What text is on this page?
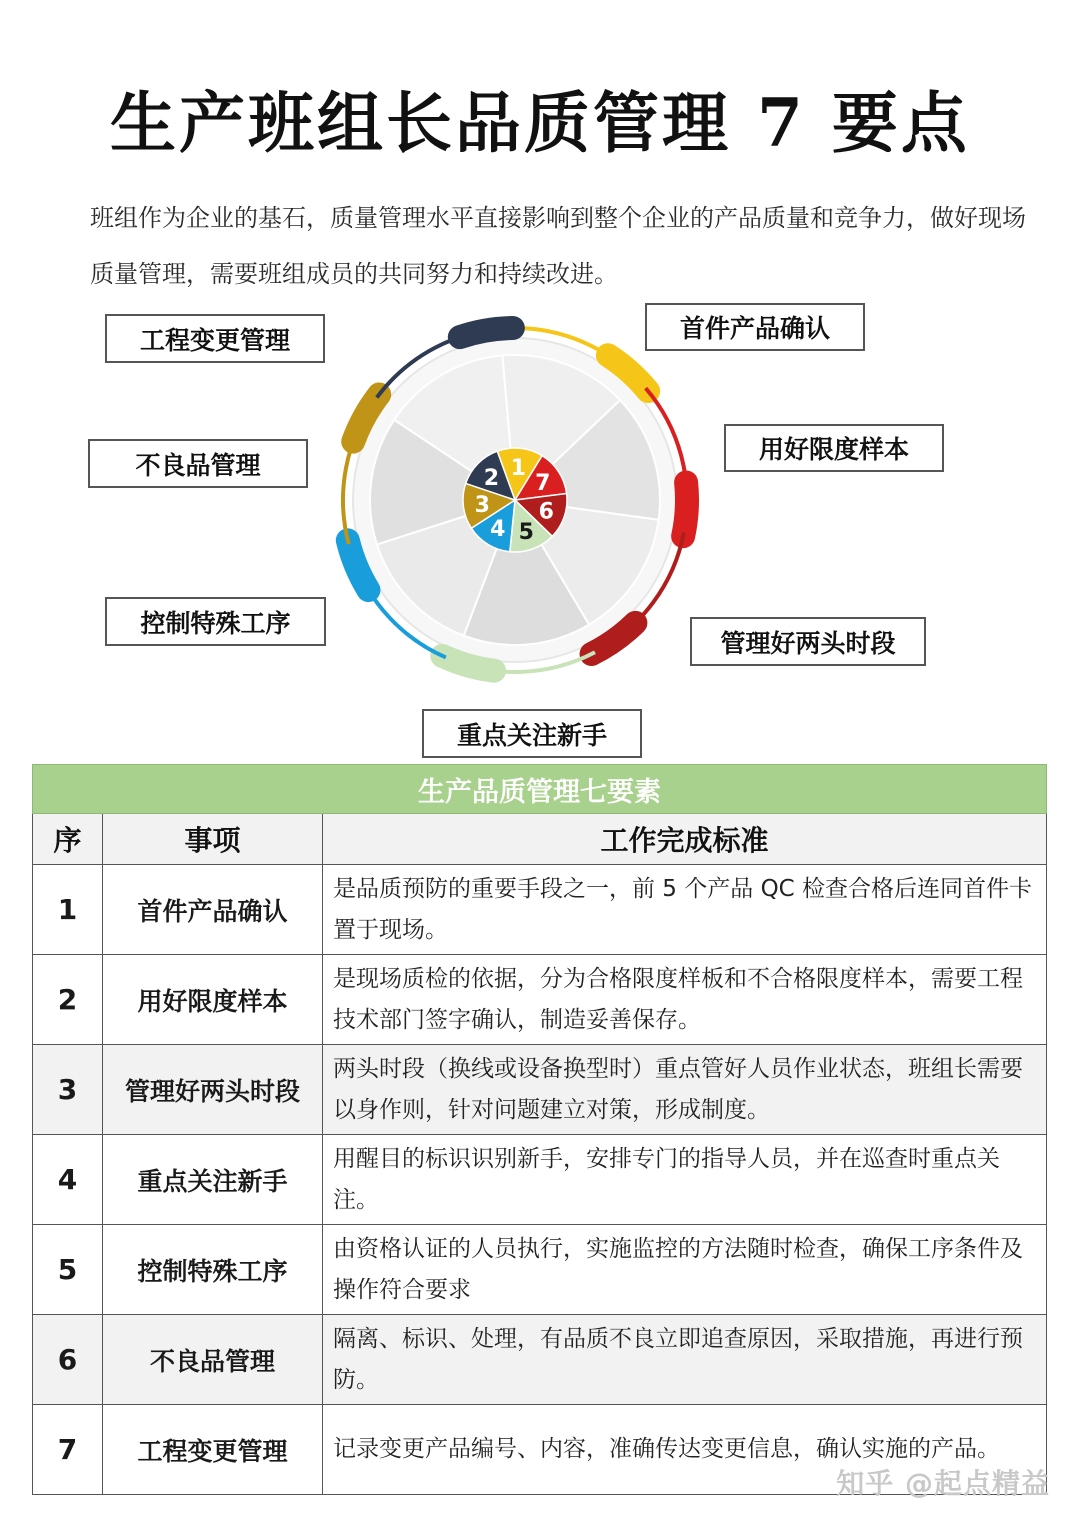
生产班组长品质管理 7 要点
班组作为企业的基石，质量管理水平直接影响到整个企业的产品质量和竞争力，做好现场质量管理，需要班组成员的共同努力和持续改进。
首件产品确认
用好限度样本
管理好两头时段
重点关注新手
控制特殊工序
不良品管理
工程变更管理
1
7
6
5
4
3
2
生产品质管理七要素		
序	事项	工作完成标准
1	首件产品确认	是品质预防的重要手段之一，前 5 个产品 QC 检查合格后连同首件卡置于现场。
2	用好限度样本	是现场质检的依据，分为合格限度样板和不合格限度样本，需要工程技术部门签字确认，制造妥善保存。
3	管理好两头时段	两头时段（换线或设备换型时）重点管好人员作业状态，班组长需要以身作则，针对问题建立对策，形成制度。
4	重点关注新手	用醒目的标识识别新手，安排专门的指导人员，并在巡查时重点关注。
5	控制特殊工序	由资格认证的人员执行，实施监控的方法随时检查，确保工序条件及操作符合要求
6	不良品管理	隔离、标识、处理，有品质不良立即追查原因，采取措施，再进行预防。
7	工程变更管理	记录变更产品编号、内容，准确传达变更信息，确认实施的产品。
知乎 @起点精益
